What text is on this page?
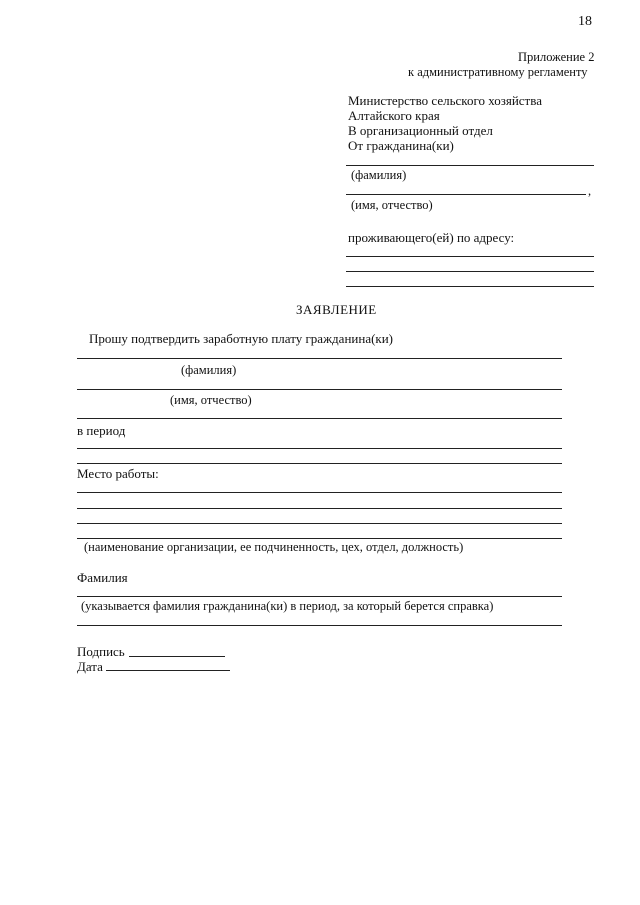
18
Приложение 2
к административному регламенту
Министерство сельского хозяйства
Алтайского края
В организационный отдел
От гражданина(ки)
(фамилия)
,
(имя, отчество)
проживающего(ей) по адресу:
ЗАЯВЛЕНИЕ
Прошу подтвердить заработную плату гражданина(ки)
(фамилия)
(имя, отчество)
в период
Место работы:
(наименование организации, ее подчиненность, цех, отдел, должность)
Фамилия
(указывается фамилия гражданина(ки) в период, за который берется справка)
Подпись
Дата
